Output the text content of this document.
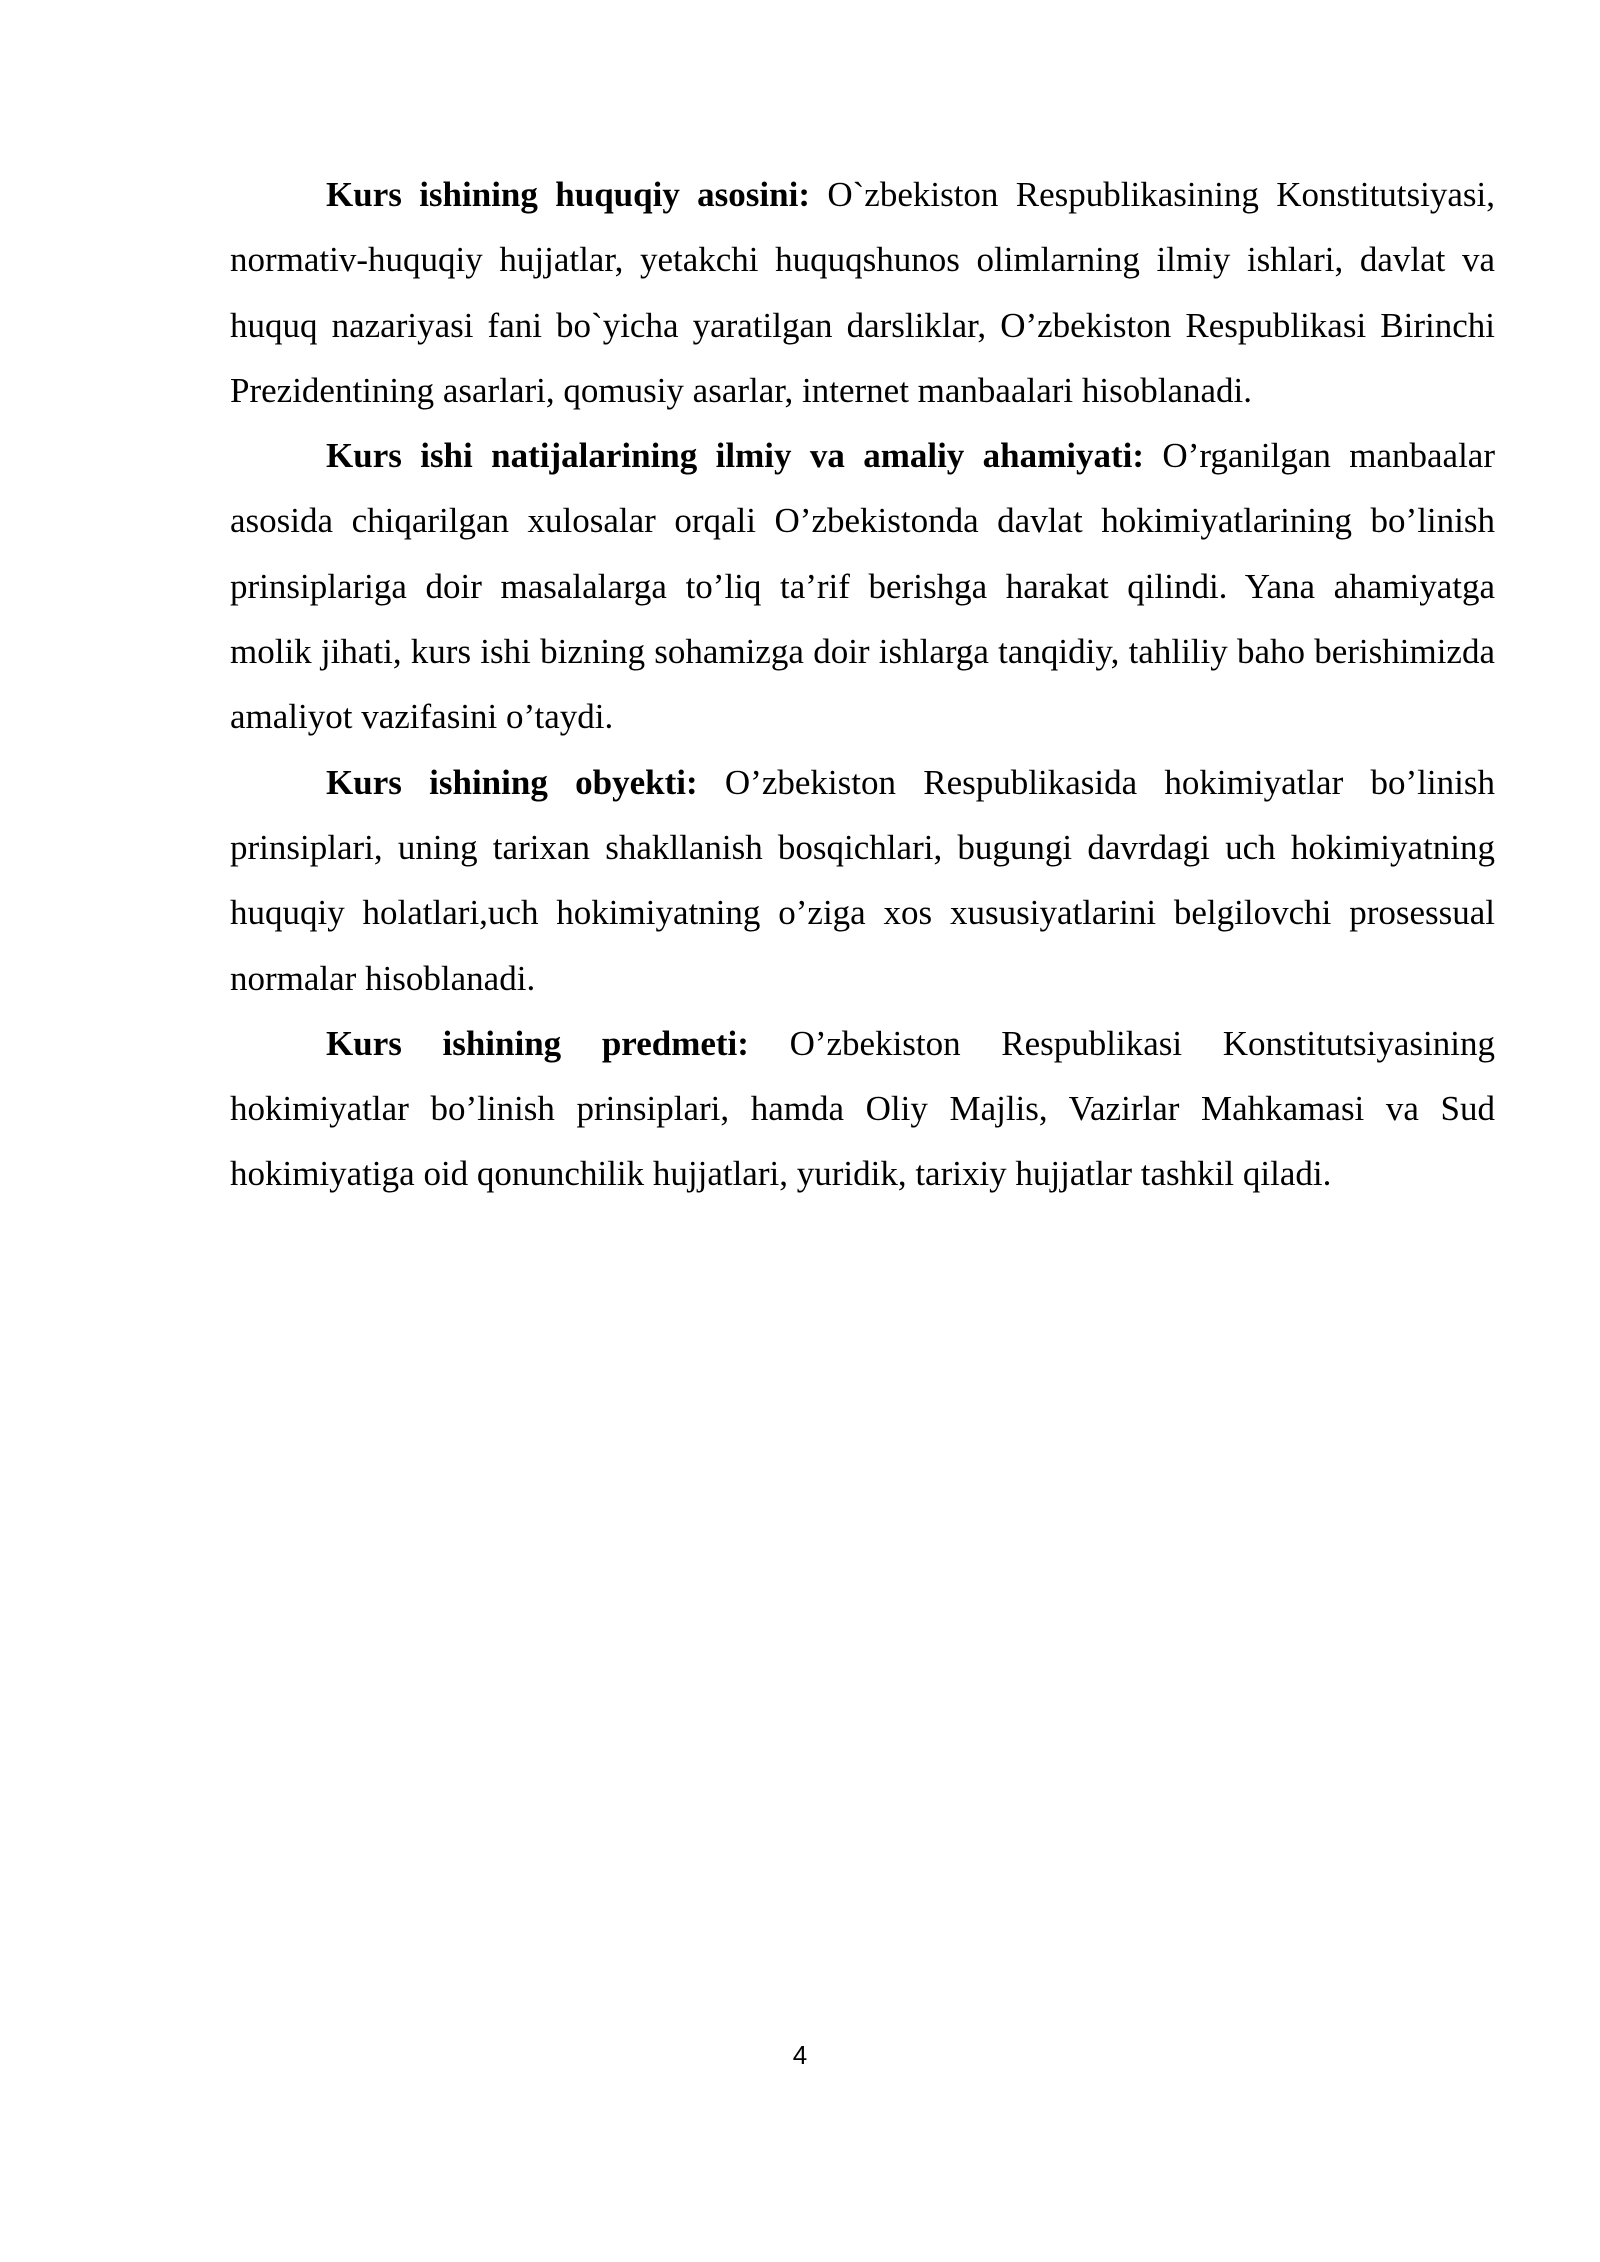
Kurs ishining huquqiy asosini: O`zbekiston Respublikasining Konstitutsiyasi, normativ-huquqiy hujjatlar, yetakchi huquqshunos olimlarning ilmiy ishlari, davlat va huquq nazariyasi fani bo`yicha yaratilgan darsliklar, O’zbekiston Respublikasi Birinchi Prezidentining asarlari, qomusiy asarlar, internet manbaalari hisoblanadi.

Kurs ishi natijalarining ilmiy va amaliy ahamiyati: O’rganilgan manbaalar asosida chiqarilgan xulosalar orqali O’zbekistonda davlat hokimiyatlarining bo’linish prinsiplariga doir masalalarga to’liq ta’rif berishga harakat qilindi. Yana ahamiyatga molik jihati, kurs ishi bizning sohamizga doir ishlarga tanqidiy, tahliliy baho berishimizda amaliyot vazifasini o’taydi.

Kurs ishining obyekti: O’zbekiston Respublikasida hokimiyatlar bo’linish prinsiplari, uning tarixan shakllanish bosqichlari, bugungi davrdagi uch hokimiyatning huquqiy holatlari,uch hokimiyatning o’ziga xos xususiyatlarini belgilovchi prosessual normalar hisoblanadi.

Kurs ishining predmeti: O’zbekiston Respublikasi Konstitutsiyasining hokimiyatlar bo’linish prinsiplari, hamda Oliy Majlis, Vazirlar Mahkamasi va Sud hokimiyatiga oid qonunchilik hujjatlari, yuridik, tarixiy hujjatlar tashkil qiladi.

4
